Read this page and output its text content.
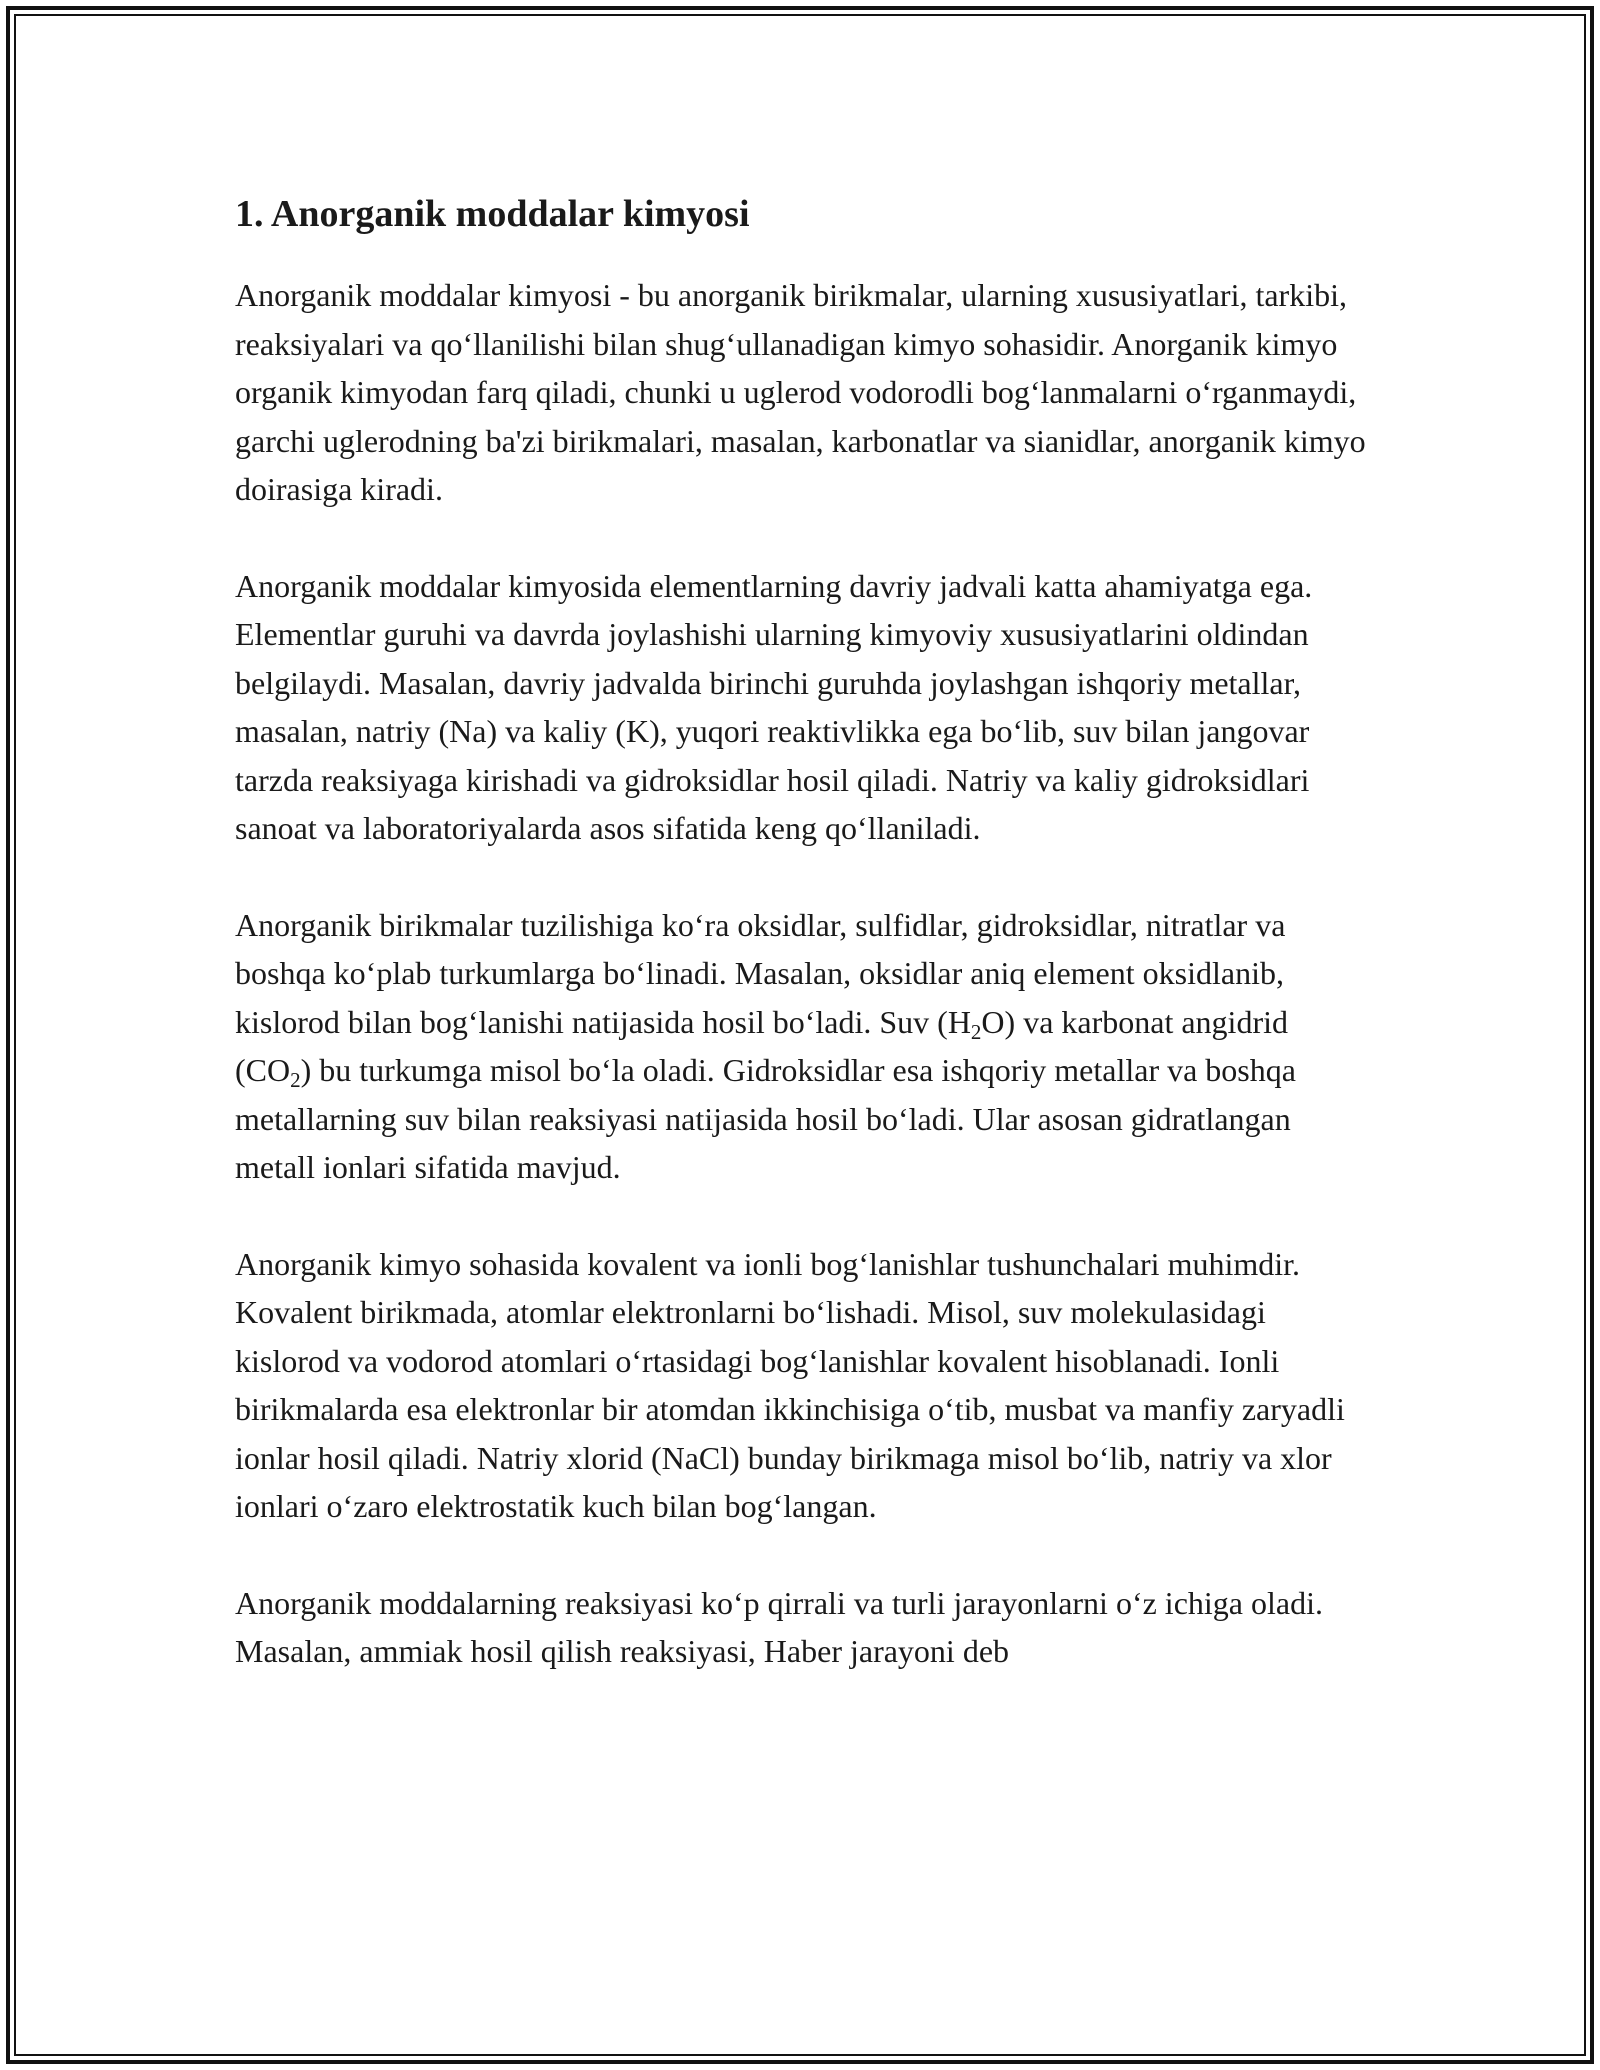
1. Anorganik moddalar kimyosi

Anorganik moddalar kimyosi - bu anorganik birikmalar, ularning xususiyatlari, tarkibi, reaksiyalari va qo‘llanilishi bilan shug‘ullanadigan kimyo sohasidir. Anorganik kimyo organik kimyodan farq qiladi, chunki u uglerod vodorodli bog‘lanmalarni o‘rganmaydi, garchi uglerodning ba'zi birikmalari, masalan, karbonatlar va sianidlar, anorganik kimyo doirasiga kiradi.

Anorganik moddalar kimyosida elementlarning davriy jadvali katta ahamiyatga ega. Elementlar guruhi va davrda joylashishi ularning kimyoviy xususiyatlarini oldindan belgilaydi. Masalan, davriy jadvalda birinchi guruhda joylashgan ishqoriy metallar, masalan, natriy (Na) va kaliy (K), yuqori reaktivlikka ega bo‘lib, suv bilan jangovar tarzda reaksiyaga kirishadi va gidroksidlar hosil qiladi. Natriy va kaliy gidroksidlari sanoat va laboratoriyalarda asos sifatida keng qo‘llaniladi.

Anorganik birikmalar tuzilishiga ko‘ra oksidlar, sulfidlar, gidroksidlar, nitratlar va boshqa ko‘plab turkumlarga bo‘linadi. Masalan, oksidlar aniq element oksidlanib, kislorod bilan bog‘lanishi natijasida hosil bo‘ladi. Suv $(H_2O)$ va karbonat angidrid $(CO_2)$ bu turkumga misol bo‘la oladi. Gidroksidlar esa ishqoriy metallar va boshqa metallarning suv bilan reaksiyasi natijasida hosil bo‘ladi. Ular asosan gidratlangan metall ionlari sifatida mavjud.

Anorganik kimyo sohasida kovalent va ionli bog‘lanishlar tushunchalari muhimdir. Kovalent birikmada, atomlar elektronlarni bo‘lishadi. Misol, suv molekulasidagi kislorod va vodorod atomlari o‘rtasidagi bog‘lanishlar kovalent hisoblanadi. Ionli birikmalarda esa elektronlar bir atomdan ikkinchisiga o‘tib, musbat va manfiy zaryadli ionlar hosil qiladi. Natriy xlorid (NaCl) bunday birikmaga misol bo‘lib, natriy va xlor ionlari o‘zaro elektrostatik kuch bilan bog‘langan.

Anorganik moddalarning reaksiyasi ko‘p qirrali va turli jarayonlarni o‘z ichiga oladi. Masalan, ammiak hosil qilish reaksiyasi, Haber jarayoni deb
